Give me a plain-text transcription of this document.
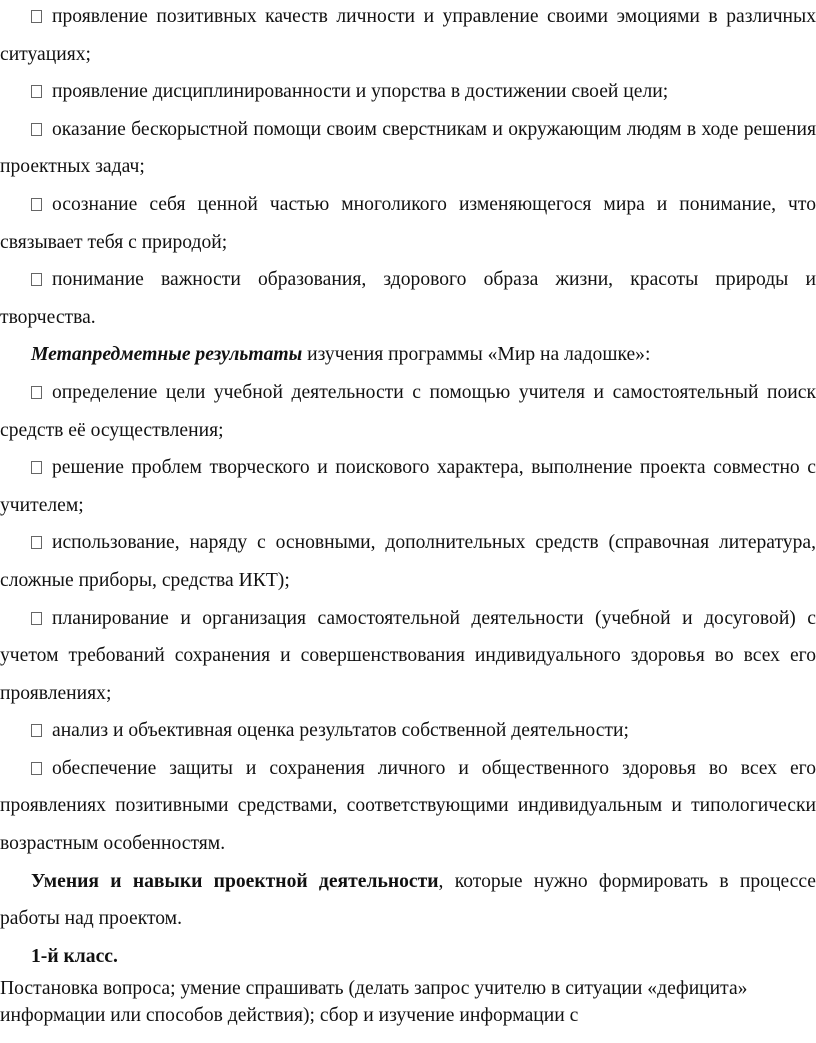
проявление позитивных качеств личности и управление своими эмоциями в различных ситуациях;

проявление дисциплинированности и упорства в достижении своей цели;

оказание бескорыстной помощи своим сверстникам и окружающим людям в ходе решения проектных задач;

осознание себя ценной частью многоликого изменяющегося мира и понимание, что связывает тебя с природой;

понимание важности образования, здорового образа жизни, красоты природы и творчества.

Метапредметные результаты изучения программы «Мир на ладошке»:

определение цели учебной деятельности с помощью учителя и самостоятельный поиск средств её осуществления;

решение проблем творческого и поискового характера, выполнение проекта совместно с учителем;

использование, наряду с основными, дополнительных средств (справочная литература, сложные приборы, средства ИКТ);

планирование и организация самостоятельной деятельности (учебной и досуговой) с учетом требований сохранения и совершенствования индивидуального здоровья во всех его проявлениях;

анализ и объективная оценка результатов собственной деятельности;

обеспечение защиты и сохранения личного и общественного здоровья во всех его проявлениях позитивными средствами, соответствующими индивидуальным и типологически возрастным особенностям.

Умения и навыки проектной деятельности, которые нужно формировать в процессе работы над проектом.

1-й класс.

Постановка вопроса; умение спрашивать (делать запрос учителю в ситуации «дефицита» информации или способов действия); сбор и изучение информации с
